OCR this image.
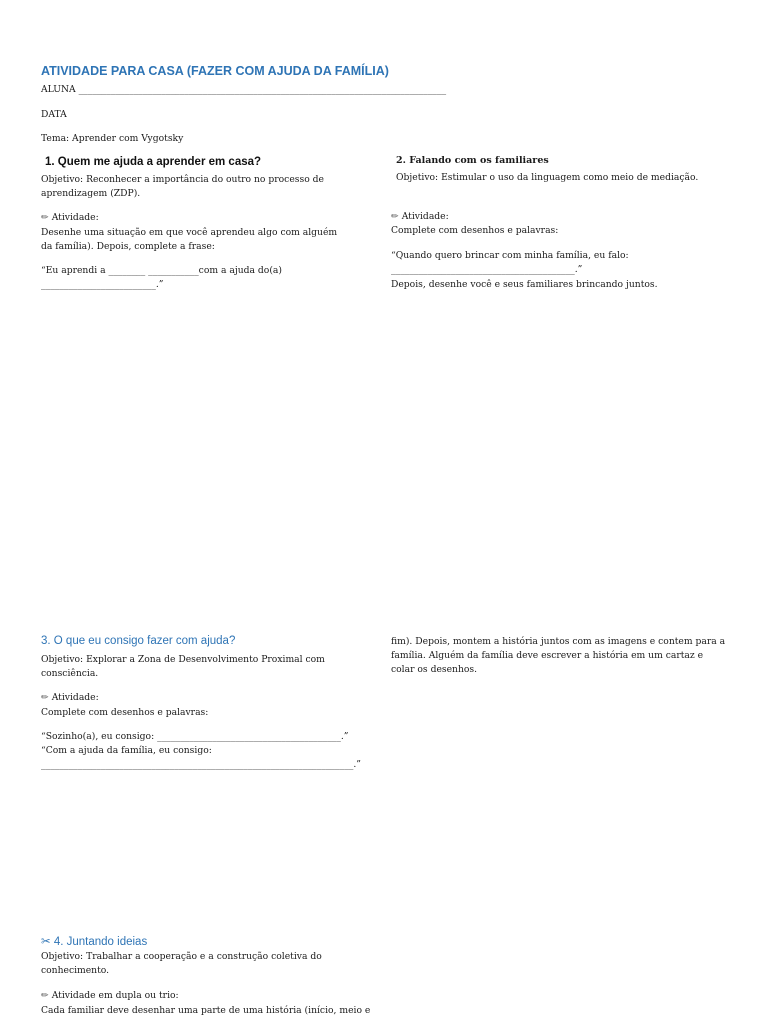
ATIVIDADE PARA CASA (FAZER COM AJUDA DA FAMÍLIA)
ALUNA ________________________________________________________________________________
DATA
Tema: Aprender com Vygotsky
1. Quem me ajuda a aprender em casa?
Objetivo: Reconhecer a importância do outro no processo de aprendizagem (ZDP).
✏ Atividade:
Desenhe uma situação em que você aprendeu algo com alguém da família). Depois, complete a frase:
“Eu aprendi a ________ ___________com a ajuda do(a)
_________________________.”
2. Falando com os familiares
Objetivo: Estimular o uso da linguagem como meio de mediação.
✏ Atividade:
Complete com desenhos e palavras:
“Quando quero brincar com minha família, eu falo:
________________________________________.”
Depois, desenhe você e seus familiares brincando juntos.
3. O que eu consigo fazer com ajuda?
Objetivo: Explorar a Zona de Desenvolvimento Proximal com consciência.
✏ Atividade:
Complete com desenhos e palavras:
“Sozinho(a), eu consigo: ________________________________________.”
“Com a ajuda da família, eu consigo:
____________________________________________________________________.”
fim). Depois, montem a história juntos com as imagens e contem para a família. Alguém da família deve escrever a história em um cartaz e colar os desenhos.
✂ 4. Juntando ideias
Objetivo: Trabalhar a cooperação e a construção coletiva do conhecimento.
✏ Atividade em dupla ou trio:
Cada familiar deve desenhar uma parte de uma história (início, meio e
